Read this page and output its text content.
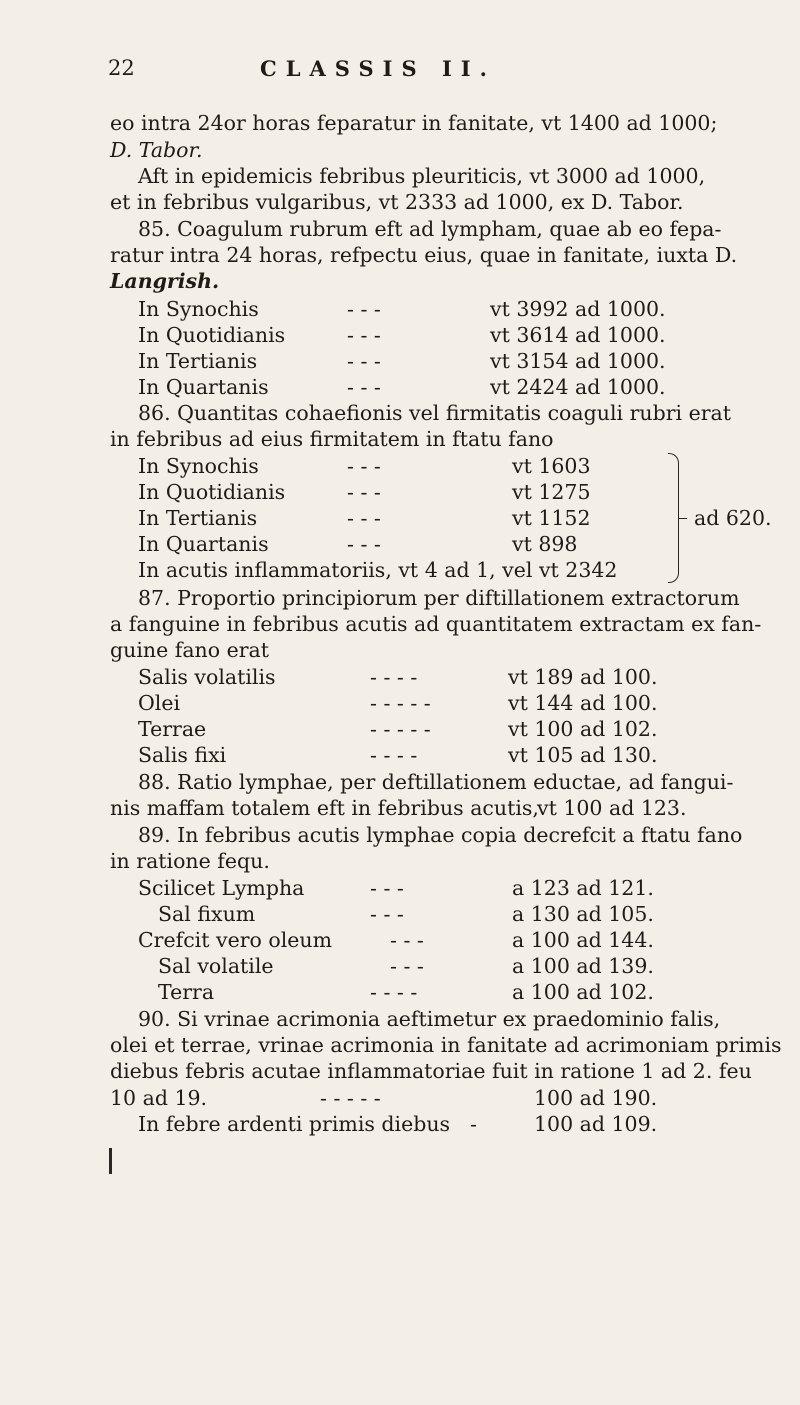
22	CLASSIS II.
eo intra 24or horas feparatur in fanitate, vt 1400 ad 1000;
D. Tabor.
Aft in epidemicis febribus pleuriticis, vt 3000 ad 1000,
et in febribus vulgaribus, vt 2333 ad 1000, ex D. Tabor.
85. Coagulum rubrum eft ad lympham, quae ab eo fepa-
ratur intra 24 horas, refpectu eius, quae in fanitate, iuxta D.
Langrish.
In Synochis	- - -	vt 3992 ad 1000.
In Quotidianis	- - -	vt 3614 ad 1000.
In Tertianis	- - -	vt 3154 ad 1000.
In Quartanis	- - -	vt 2424 ad 1000.
86. Quantitas cohaefionis vel firmitatis coaguli rubri erat
in febribus ad eius firmitatem in ftatu fano
In Synochis	- - -	vt 1603
In Quotidianis	- - -	vt 1275
In Tertianis	- - -	vt 1152
In Quartanis	- - -	vt 898
In acutis inflammatoriis, vt 4 ad 1, vel vt 2342
ad 620.
87. Proportio principiorum per diftillationem extractorum
a fanguine in febribus acutis ad quantitatem extractam ex fan-
guine fano erat
Salis volatilis	- - - -	vt 189 ad 100.
Olei	- - - - -	vt 144 ad 100.
Terrae	- - - - -	vt 100 ad 102.
Salis fixi	- - - -	vt 105 ad 130.
88. Ratio lymphae, per deftillationem eductae, ad fangui-
nis maffam totalem eft in febribus acutis,
vt 100 ad 123.
89. In febribus acutis lymphae copia decrefcit a ftatu fano
in ratione fequ.
Scilicet Lympha	- - -	a 123 ad 121.
Sal fixum	- - -	a 130 ad 105.
Crefcit vero oleum	- - -	a 100 ad 144.
Sal volatile	- - -	a 100 ad 139.
Terra	- - - -	a 100 ad 102.
90. Si vrinae acrimonia aeftimetur ex praedominio falis,
olei et terrae, vrinae acrimonia in fanitate ad acrimoniam primis
diebus febris acutae inflammatoriae fuit in ratione 1 ad 2. feu
10 ad 19.	- - - - -	100 ad 190.
In febre ardenti primis diebus -	100 ad 109.
